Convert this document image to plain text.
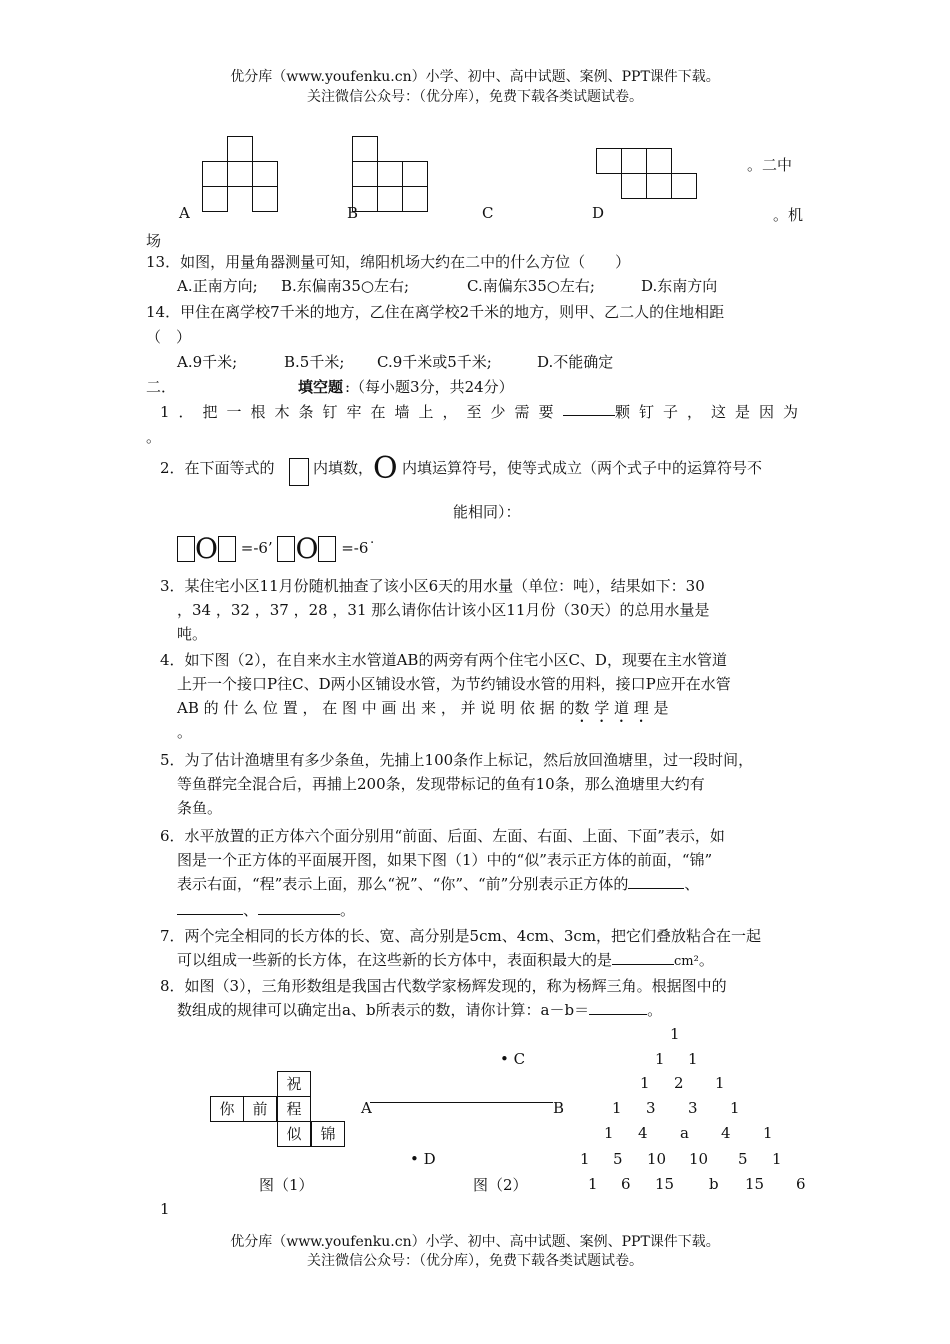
优分库（www.youfenku.cn）小学、初中、高中试题、案例、PPT课件下载。
关注微信公众号：（优分库），免费下载各类试题试卷。
。二中
A	B	C	D	。机
场
13．如图，用量角器测量可知，绵阳机场大约在二中的什么方位（　　）
A.正南方向; B.东偏南35○左右;	C.南偏东35○左右;	D.东南方向
14．甲住在离学校7千米的地方，乙住在离学校2千米的地方，则甲、乙二人的住地相距
（　）
A.9千米;	B.5千米; C.9千米或5千米;	D.不能确定
二．	填空题 :（每小题3分，共24分）
1．把一根木条钉牢在墙上，至少需要	颗钉子，这是因为
。
2．在下面等式的	内填数， O 内填运算符号，使等式成立（两个式子中的运算符号不
能相同）：
O =-6’ O =-6˙
3．某住宅小区11月份随机抽查了该小区6天的用水量（单位：吨），结果如下：30
，34 ，32 ，37 ，28 ，31 那么请你估计该小区11月份（30天）的总用水量是
吨。
4．如下图（2），在自来水主水管道AB的两旁有两个住宅小区C、D，现要在主水管道
上开一个接口P往C、D两小区铺设水管，为节约铺设水管的用料，接口P应开在水管
AB 的 什 么 位 置 ， 在 图 中 画 出 来 ， 并 说 明 依 据 的数 学 道 理 是
。
5．为了估计渔塘里有多少条鱼，先捕上100条作上标记，然后放回渔塘里，过一段时间，
等鱼群完全混合后，再捕上200条，发现带标记的鱼有10条，那么渔塘里大约有
条鱼。
6．水平放置的正方体六个面分别用“前面、后面、左面、右面、上面、下面”表示，如
图是一个正方体的平面展开图，如果下图（1）中的“似”表示正方体的前面，“锦”
表示右面，“程”表示上面，那么“祝”、“你”、“前”分别表示正方体的	、
、	。
7．两个完全相同的长方体的长、宽、高分别是5cm、4cm、3cm，把它们叠放粘合在一起
可以组成一些新的长方体，在这些新的长方体中，表面积最大的是	cm²。
8．如图（3），三角形数组是我国古代数学家杨辉发现的，称为杨辉三角。根据图中的
数组成的规律可以确定出a、b所表示的数，请你计算：a－b＝	。
祝
你	前	程
似	锦
图（1）
• C
A	B
• D
图（2）
1
1 1
1 2 1
1 3 3 1
1 4 a 4 1
1 5 10 10 5 1
1 6 15 b 15 6
1
优分库（www.youfenku.cn）小学、初中、高中试题、案例、PPT课件下载。
关注微信公众号：（优分库），免费下载各类试题试卷。
